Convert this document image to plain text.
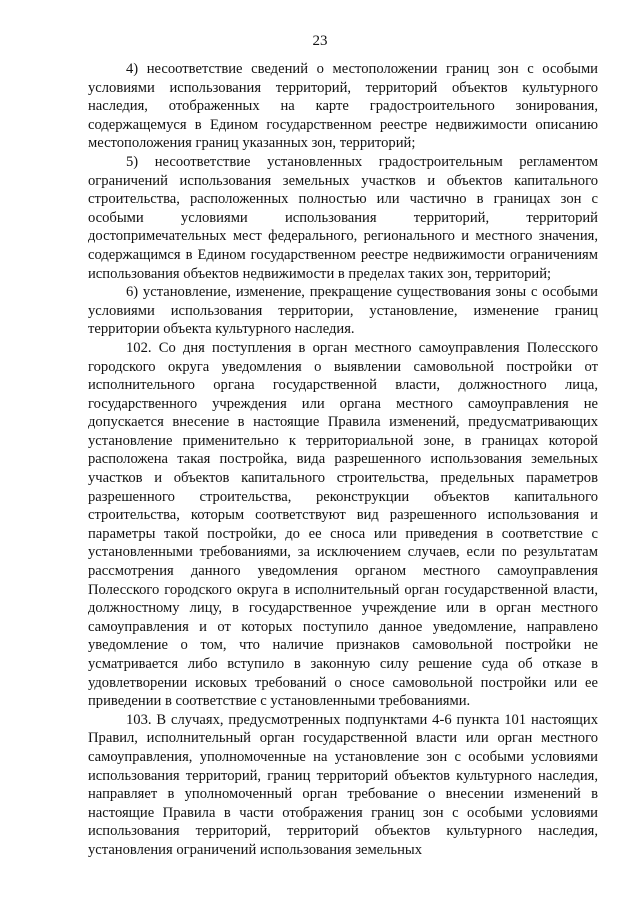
23

4) несоответствие сведений о местоположении границ зон с особыми условиями использования территорий, территорий объектов культурного наследия, отображенных на карте градостроительного зонирования, содержащемуся в Едином государственном реестре недвижимости описанию местоположения границ указанных зон, территорий;

5) несоответствие установленных градостроительным регламентом ограничений использования земельных участков и объектов капитального строительства, расположенных полностью или частично в границах зон с особыми условиями использования территорий, территорий достопримечательных мест федерального, регионального и местного значения, содержащимся в Едином государственном реестре недвижимости ограничениям использования объектов недвижимости в пределах таких зон, территорий;

6) установление, изменение, прекращение существования зоны с особыми условиями использования территории, установление, изменение границ территории объекта культурного наследия.

102. Со дня поступления в орган местного самоуправления Полесского городского округа уведомления о выявлении самовольной постройки от исполнительного органа государственной власти, должностного лица, государственного учреждения или органа местного самоуправления не допускается внесение в настоящие Правила изменений, предусматривающих установление применительно к территориальной зоне, в границах которой расположена такая постройка, вида разрешенного использования земельных участков и объектов капитального строительства, предельных параметров разрешенного строительства, реконструкции объектов капитального строительства, которым соответствуют вид разрешенного использования и параметры такой постройки, до ее сноса или приведения в соответствие с установленными требованиями, за исключением случаев, если по результатам рассмотрения данного уведомления органом местного самоуправления Полесского городского округа в исполнительный орган государственной власти, должностному лицу, в государственное учреждение или в орган местного самоуправления и от которых поступило данное уведомление, направлено уведомление о том, что наличие признаков самовольной постройки не усматривается либо вступило в законную силу решение суда об отказе в удовлетворении исковых требований о сносе самовольной постройки или ее приведении в соответствие с установленными требованиями.

103. В случаях, предусмотренных подпунктами 4-6 пункта 101 настоящих Правил, исполнительный орган государственной власти или орган местного самоуправления, уполномоченные на установление зон с особыми условиями использования территорий, границ территорий объектов культурного наследия, направляет в уполномоченный орган требование о внесении изменений в настоящие Правила в части отображения границ зон с особыми условиями использования территорий, территорий объектов культурного наследия, установления ограничений использования земельных
